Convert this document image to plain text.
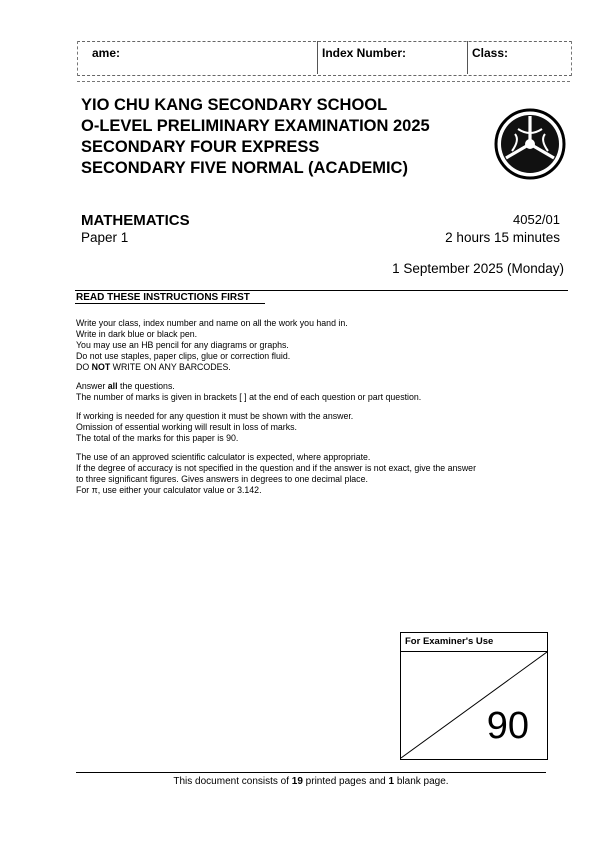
ame:	Index Number:	Class:
YIO CHU KANG SECONDARY SCHOOL
O-LEVEL PRELIMINARY EXAMINATION 2025
SECONDARY FOUR EXPRESS
SECONDARY FIVE NORMAL (ACADEMIC)
MATHEMATICS
Paper 1
4052/01
2 hours 15 minutes
1 September 2025 (Monday)
READ THESE INSTRUCTIONS FIRST
Write your class, index number and name on all the work you hand in.
Write in dark blue or black pen.
You may use an HB pencil for any diagrams or graphs.
Do not use staples, paper clips, glue or correction fluid.
DO NOT WRITE ON ANY BARCODES.
Answer all the questions.
The number of marks is given in brackets [ ] at the end of each question or part question.
If working is needed for any question it must be shown with the answer.
Omission of essential working will result in loss of marks.
The total of the marks for this paper is 90.
The use of an approved scientific calculator is expected, where appropriate.
If the degree of accuracy is not specified in the question and if the answer is not exact, give the answer
to three significant figures. Gives answers in degrees to one decimal place.
For π, use either your calculator value or 3.142.
For Examiner's Use
90
This document consists of 19 printed pages and 1 blank page.
